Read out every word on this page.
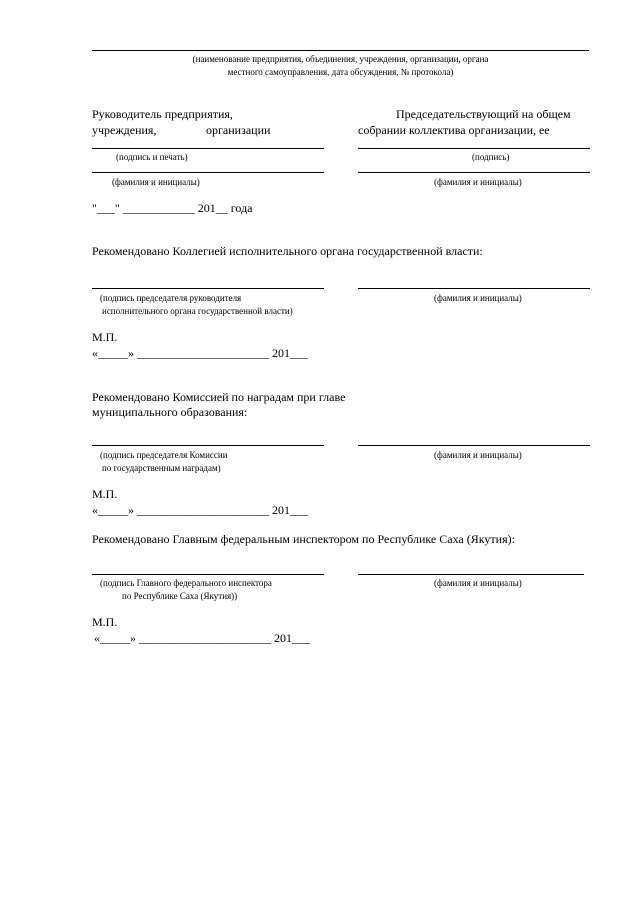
(наименование предприятия, объединения, учреждения, организации, органа
местного самоуправления, дата обсуждения, № протокола)
Руководитель предприятия,
учреждения,	организации
Председательствующий на общем
собрании коллектива организации, ее
(подпись и печать)	(подпись)
(фамилия и инициалы)	(фамилия и инициалы)
"___" ____________ 201__ года
Рекомендовано Коллегией исполнительного органа государственной власти:
(подпись председателя руководителя
исполнительного органа государственной власти)
(фамилия и инициалы)
М.П.
«_____» ______________________ 201___
Рекомендовано Комиссией по наградам при главе
муниципального образования:
(подпись председателя Комиссии
по государственным наградам)
(фамилия и инициалы)
М.П.
«_____» ______________________ 201___
Рекомендовано Главным федеральным инспектором по Республике Саха (Якутия):
(подпись Главного федерального инспектора
по Республике Саха (Якутия))
(фамилия и инициалы)
М.П.
«_____» ______________________ 201___
